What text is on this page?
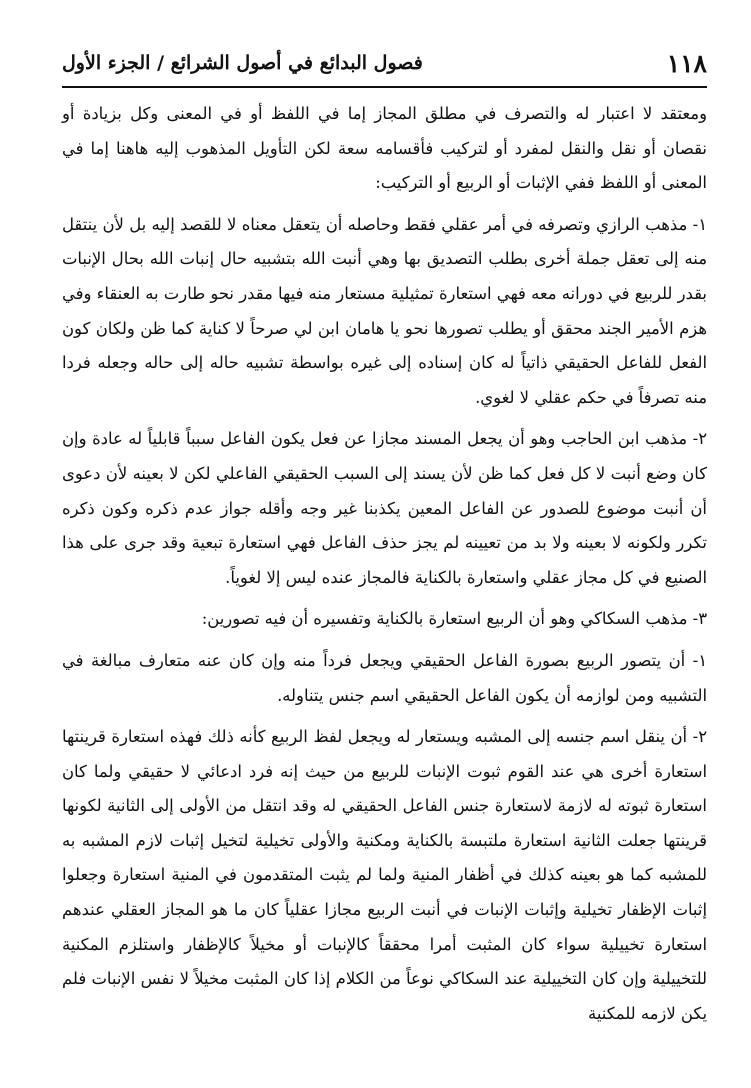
١١٨
فصول البدائع في أصول الشرائع / الجزء الأول

ومعتقد لا اعتبار له والتصرف في مطلق المجاز إما في اللفظ أو في المعنى وكل بزيادة أو نقصان أو نقل والنقل لمفرد أو لتركيب فأقسامه سعة لكن التأويل المذهوب إليه هاهنا إما في المعنى أو اللفظ ففي الإثبات أو الربيع أو التركيب:

١- مذهب الرازي وتصرفه في أمر عقلي فقط وحاصله أن يتعقل معناه لا للقصد إليه بل لأن ينتقل منه إلى تعقل جملة أخرى بطلب التصديق بها وهي أنبت الله بتشبيه حال إنبات الله بحال الإنبات بقدر للربيع في دورانه معه فهي استعارة تمثيلية مستعار منه فيها مقدر نحو طارت به العنقاء وفي هزم الأمير الجند محقق أو يطلب تصورها نحو يا هامان ابن لي صرحاً لا كناية كما ظن ولكان كون الفعل للفاعل الحقيقي ذاتياً له كان إسناده إلى غيره بواسطة تشبيه حاله إلى حاله وجعله فردا منه تصرفاً في حكم عقلي لا لغوي.

٢- مذهب ابن الحاجب وهو أن يجعل المسند مجازا عن فعل يكون الفاعل سبباً قابلياً له عادة وإن كان وضع أنبت لا كل فعل كما ظن لأن يسند إلى السبب الحقيقي الفاعلي لكن لا بعينه لأن دعوى أن أنبت موضوع للصدور عن الفاعل المعين يكذبنا غير وجه وأقله جواز عدم ذكره وكون ذكره تكرر ولكونه لا بعينه ولا بد من تعيينه لم يجز حذف الفاعل فهي استعارة تبعية وقد جرى على هذا الصنيع في كل مجاز عقلي واستعارة بالكناية فالمجاز عنده ليس إلا لغوياً.

٣- مذهب السكاكي وهو أن الربيع استعارة بالكناية وتفسيره أن فيه تصورين:

١- أن يتصور الربيع بصورة الفاعل الحقيقي ويجعل فرداً منه وإن كان عنه متعارف مبالغة في التشبيه ومن لوازمه أن يكون الفاعل الحقيقي اسم جنس يتناوله.

٢- أن ينقل اسم جنسه إلى المشبه ويستعار له ويجعل لفظ الربيع كأنه ذلك فهذه استعارة قرينتها استعارة أخرى هي عند القوم ثبوت الإنبات للربيع من حيث إنه فرد ادعائي لا حقيقي ولما كان استعارة ثبوته له لازمة لاستعارة جنس الفاعل الحقيقي له وقد انتقل من الأولى إلى الثانية لكونها قرينتها جعلت الثانية استعارة ملتبسة بالكناية ومكنية والأولى تخيلية لتخيل إثبات لازم المشبه به للمشبه كما هو بعينه كذلك في أظفار المنية ولما لم يثبت المتقدمون في المنية استعارة وجعلوا إثبات الإظفار تخيلية وإثبات الإنبات في أنبت الربيع مجازا عقلياً كان ما هو المجاز العقلي عندهم استعارة تخييلية سواء كان المثبت أمرا محققاً كالإنبات أو مخيلاً كالإظفار واستلزم المكنية للتخييلية وإن كان التخييلية عند السكاكي نوعاً من الكلام إذا كان المثبت مخيلاً لا نفس الإنبات فلم يكن لازمه للمكنية
